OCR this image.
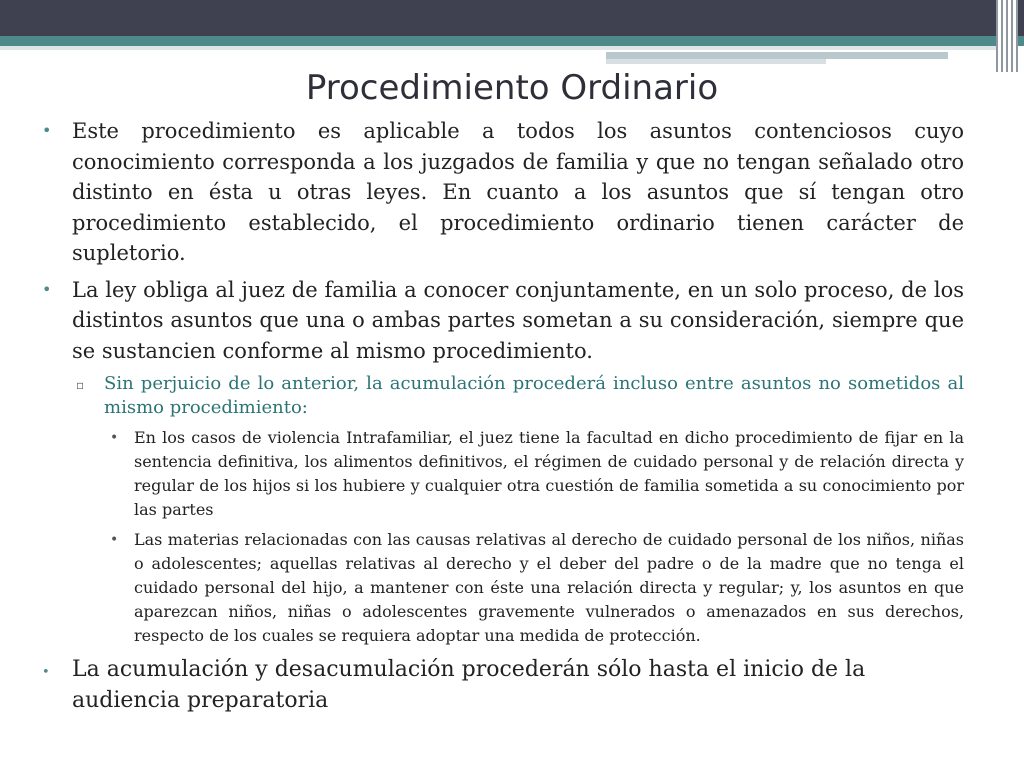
Procedimiento Ordinario
• Este procedimiento es aplicable a todos los asuntos contenciosos cuyo conocimiento corresponda a los juzgados de familia y que no tengan señalado otro distinto en ésta u otras leyes. En cuanto a los asuntos que sí tengan otro procedimiento establecido, el procedimiento ordinario tienen carácter de supletorio.
• La ley obliga al juez de familia a conocer conjuntamente, en un solo proceso, de los distintos asuntos que una o ambas partes sometan a su consideración, siempre que se sustancien conforme al mismo procedimiento.
▫ Sin perjuicio de lo anterior, la acumulación procederá incluso entre asuntos no sometidos al mismo procedimiento:
• En los casos de violencia Intrafamiliar, el juez tiene la facultad en dicho procedimiento de fijar en la sentencia definitiva, los alimentos definitivos, el régimen de cuidado personal y de relación directa y regular de los hijos si los hubiere y cualquier otra cuestión de familia sometida a su conocimiento por las partes
• Las materias relacionadas con las causas relativas al derecho de cuidado personal de los niños, niñas o adolescentes; aquellas relativas al derecho y el deber del padre o de la madre que no tenga el cuidado personal del hijo, a mantener con éste una relación directa y regular; y, los asuntos en que aparezcan niños, niñas o adolescentes gravemente vulnerados o amenazados en sus derechos, respecto de los cuales se requiera adoptar una medida de protección.
• La acumulación y desacumulación procederán sólo hasta el inicio de la audiencia preparatoria
